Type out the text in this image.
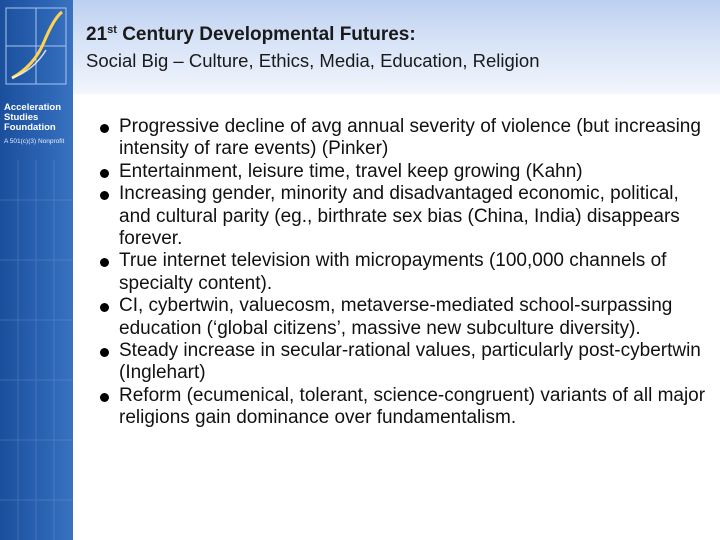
Acceleration
Studies
Foundation
A 501(c)(3) Nonprofit
21st Century Developmental Futures:
Social Big – Culture, Ethics, Media, Education, Religion
Progressive decline of avg annual severity of violence (but increasing intensity of rare events) (Pinker)
Entertainment, leisure time, travel keep growing (Kahn)
Increasing gender, minority and disadvantaged economic, political, and cultural parity (eg., birthrate sex bias (China, India) disappears forever.
True internet television with micropayments (100,000 channels of specialty content).
CI, cybertwin, valuecosm, metaverse-mediated school-surpassing education (‘global citizens’, massive new subculture diversity).
Steady increase in secular-rational values, particularly post-cybertwin (Inglehart)
Reform (ecumenical, tolerant, science-congruent) variants of all major religions gain dominance over fundamentalism.
